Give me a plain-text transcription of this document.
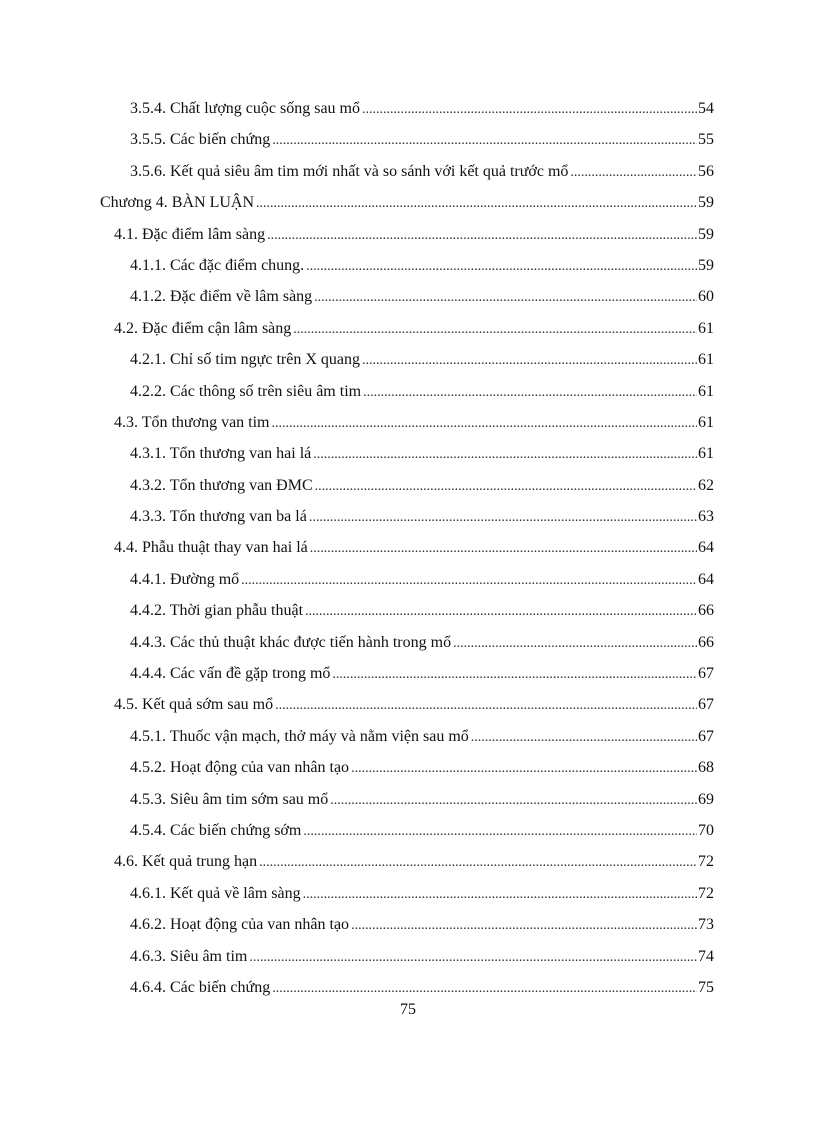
3.5.4. Chất lượng cuộc sống sau mổ .....	54
3.5.5. Các biến chứng .....	55
3.5.6. Kết quả siêu âm tim mới nhất và so sánh với kết quả trước mổ .....	56
Chương 4. BÀN LUẬN .....	59
4.1. Đặc điểm lâm sàng .....	59
4.1.1. Các đặc điểm chung. .....	59
4.1.2. Đặc điểm về lâm sàng .....	60
4.2. Đặc điểm cận lâm sàng .....	61
4.2.1. Chỉ số tim ngực trên X quang .....	61
4.2.2. Các thông số trên siêu âm tim .....	61
4.3. Tổn thương van tim .....	61
4.3.1. Tổn thương van hai lá .....	61
4.3.2. Tổn thương van ĐMC .....	62
4.3.3. Tổn thương van ba lá .....	63
4.4. Phẫu thuật thay van hai lá .....	64
4.4.1. Đường mổ .....	64
4.4.2. Thời gian phẫu thuật .....	66
4.4.3. Các thủ thuật khác được tiến hành trong mổ .....	66
4.4.4. Các vấn đề gặp trong mổ .....	67
4.5. Kết quả sớm sau mổ .....	67
4.5.1. Thuốc vận mạch, thở máy và nằm viện sau mổ .....	67
4.5.2. Hoạt động của van nhân tạo .....	68
4.5.3. Siêu âm tim sớm sau mổ .....	69
4.5.4. Các biến chứng sớm .....	70
4.6. Kết quả trung hạn .....	72
4.6.1. Kết quả về lâm sàng .....	72
4.6.2. Hoạt động của van nhân tạo .....	73
4.6.3. Siêu âm tim .....	74
4.6.4. Các biến chứng .....	75
75
